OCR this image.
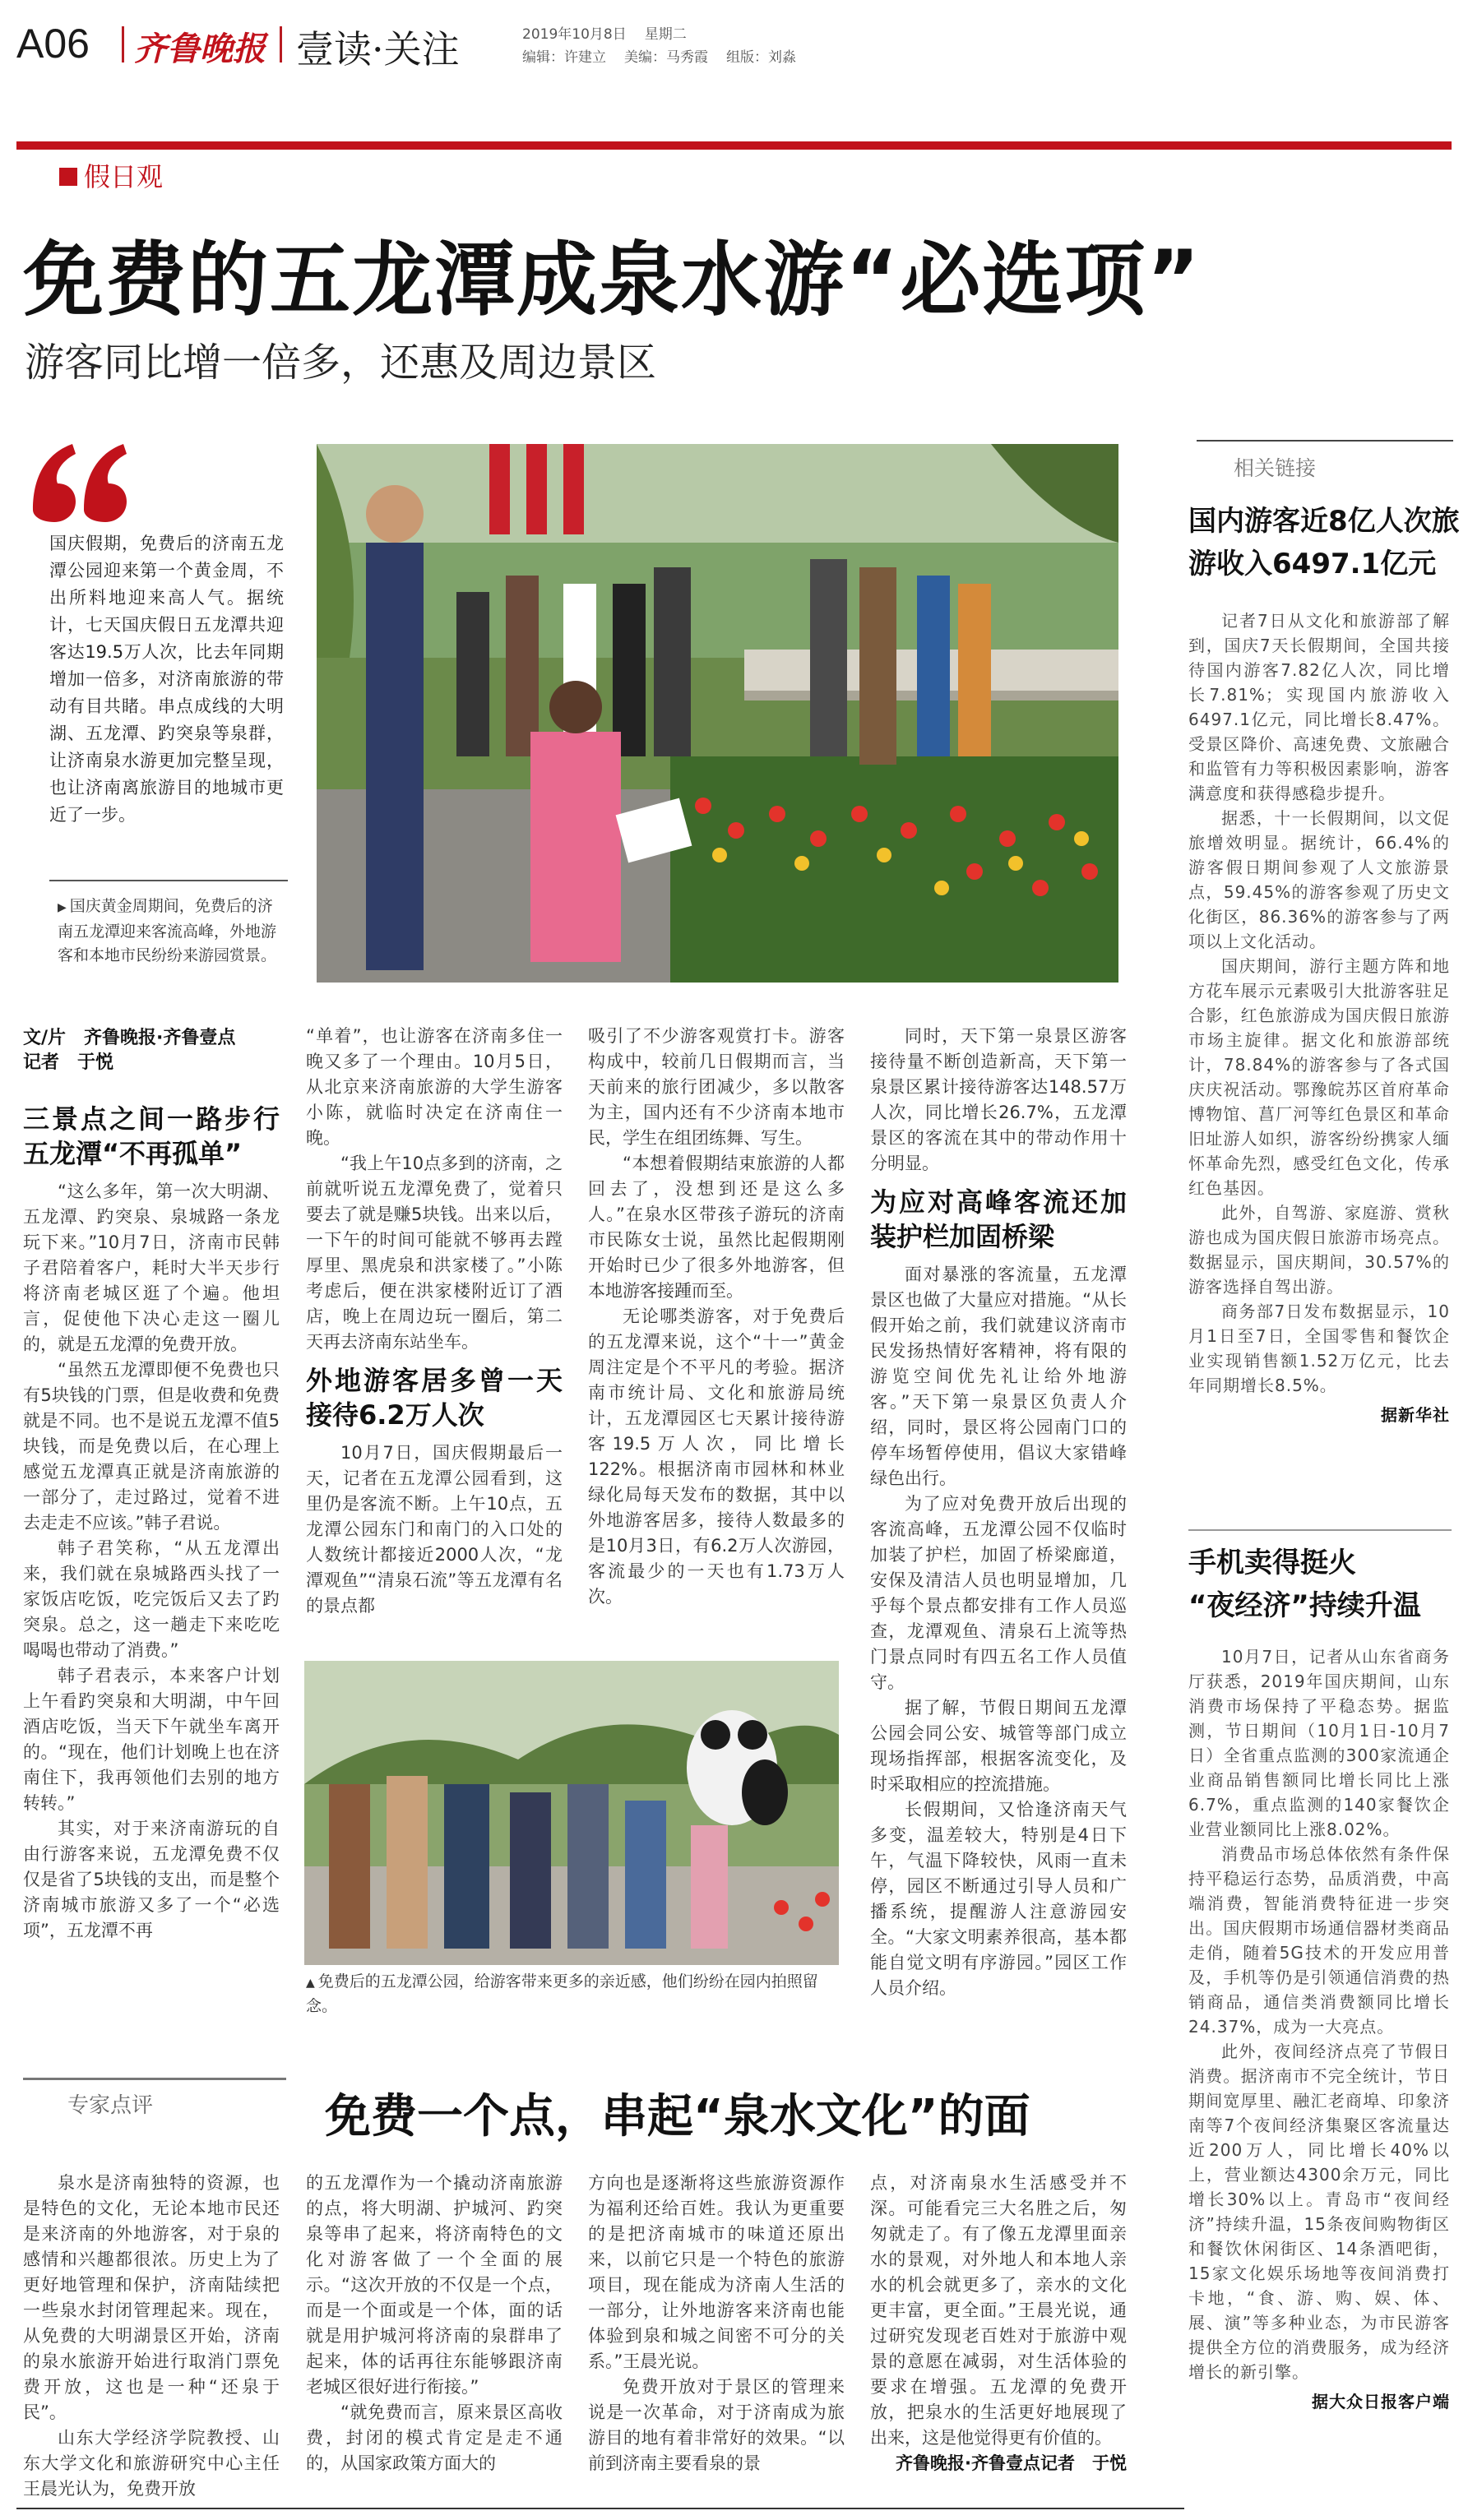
A06 齐鲁晚报 壹读·关注	2019年10月8日 星期二
编辑：许建立 美编：马秀霞 组版：刘淼
假日观
免费的五龙潭成泉水游“必选项”
游客同比增一倍多，还惠及周边景区
国庆假期，免费后的济南五龙潭公园迎来第一个黄金周，不出所料地迎来高人气。据统计，七天国庆假日五龙潭共迎客达19.5万人次，比去年同期增加一倍多，对济南旅游的带动有目共睹。串点成线的大明湖、五龙潭、趵突泉等泉群，让济南泉水游更加完整呈现，也让济南离旅游目的地城市更近了一步。
▶ 国庆黄金周期间，免费后的济南五龙潭迎来客流高峰，外地游客和本地市民纷纷来游园赏景。
文/片　齐鲁晚报·齐鲁壹点
记者　于悦
三景点之间一路步行五龙潭“不再孤单”

“这么多年，第一次大明湖、五龙潭、趵突泉、泉城路一条龙玩下来。”10月7日，济南市民韩子君陪着客户，耗时大半天步行将济南老城区逛了个遍。他坦言，促使他下决心走这一圈儿的，就是五龙潭的免费开放。

“虽然五龙潭即便不免费也只有5块钱的门票，但是收费和免费就是不同。也不是说五龙潭不值5块钱，而是免费以后，在心理上感觉五龙潭真正就是济南旅游的一部分了，走过路过，觉着不进去走走不应该。”韩子君说。

韩子君笑称，“从五龙潭出来，我们就在泉城路西头找了一家饭店吃饭，吃完饭后又去了趵突泉。总之，这一趟走下来吃吃喝喝也带动了消费。”

韩子君表示，本来客户计划上午看趵突泉和大明湖，中午回酒店吃饭，当天下午就坐车离开的。“现在，他们计划晚上也在济南住下，我再领他们去别的地方转转。”

其实，对于来济南游玩的自由行游客来说，五龙潭免费不仅仅是省了5块钱的支出，而是整个济南城市旅游又多了一个“必选项”，五龙潭不再

“单着”，也让游客在济南多住一晚又多了一个理由。10月5日，从北京来济南旅游的大学生游客小陈，就临时决定在济南住一晚。

“我上午10点多到的济南，之前就听说五龙潭免费了，觉着只要去了就是赚5块钱。出来以后，一下午的时间可能就不够再去蹚厚里、黑虎泉和洪家楼了。”小陈考虑后，便在洪家楼附近订了酒店，晚上在周边玩一圈后，第二天再去济南东站坐车。

外地游客居多曾一天接待6.2万人次

10月7日，国庆假期最后一天，记者在五龙潭公园看到，这里仍是客流不断。上午10点，五龙潭公园东门和南门的入口处的人数统计都接近2000人次，“龙潭观鱼”“清泉石流”等五龙潭有名的景点都

吸引了不少游客观赏打卡。游客构成中，较前几日假期而言，当天前来的旅行团减少，多以散客为主，国内还有不少济南本地市民，学生在组团练舞、写生。

“本想着假期结束旅游的人都回去了，没想到还是这么多人。”在泉水区带孩子游玩的济南市民陈女士说，虽然比起假期刚开始时已少了很多外地游客，但本地游客接踵而至。

无论哪类游客，对于免费后的五龙潭来说，这个“十一”黄金周注定是个不平凡的考验。据济南市统计局、文化和旅游局统计，五龙潭园区七天累计接待游客19.5万人次，同比增长122%。根据济南市园林和林业绿化局每天发布的数据，其中以外地游客居多，接待人数最多的是10月3日，有6.2万人次游园，客流最少的一天也有1.73万人次。

同时，天下第一泉景区游客接待量不断创造新高，天下第一泉景区累计接待游客达148.57万人次，同比增长26.7%，五龙潭景区的客流在其中的带动作用十分明显。

为应对高峰客流还加装护栏加固桥梁

面对暴涨的客流量，五龙潭景区也做了大量应对措施。“从长假开始之前，我们就建议济南市民发扬热情好客精神，将有限的游览空间优先礼让给外地游客。”天下第一泉景区负责人介绍，同时，景区将公园南门口的停车场暂停使用，倡议大家错峰绿色出行。

为了应对免费开放后出现的客流高峰，五龙潭公园不仅临时加装了护栏，加固了桥梁廊道，安保及清洁人员也明显增加，几乎每个景点都安排有工作人员巡查，龙潭观鱼、清泉石上流等热门景点同时有四五名工作人员值守。

据了解，节假日期间五龙潭公园会同公安、城管等部门成立现场指挥部，根据客流变化，及时采取相应的控流措施。

长假期间，又恰逢济南天气多变，温差较大，特别是4日下午，气温下降较快，风雨一直未停，园区不断通过引导人员和广播系统，提醒游人注意游园安全。“大家文明素养很高，基本都能自觉文明有序游园。”园区工作人员介绍。

▲ 免费后的五龙潭公园，给游客带来更多的亲近感，他们纷纷在园内拍照留念。
相关链接
国内游客近8亿人次旅游收入6497.1亿元

记者7日从文化和旅游部了解到，国庆7天长假期间，全国共接待国内游客7.82亿人次，同比增长7.81%；实现国内旅游收入6497.1亿元，同比增长8.47%。受景区降价、高速免费、文旅融合和监管有力等积极因素影响，游客满意度和获得感稳步提升。

据悉，十一长假期间，以文促旅增效明显。据统计，66.4%的游客假日期间参观了人文旅游景点，59.45%的游客参观了历史文化街区，86.36%的游客参与了两项以上文化活动。

国庆期间，游行主题方阵和地方花车展示元素吸引大批游客驻足合影，红色旅游成为国庆假日旅游市场主旋律。据文化和旅游部统计，78.84%的游客参与了各式国庆庆祝活动。鄂豫皖苏区首府革命博物馆、菖厂河等红色景区和革命旧址游人如织，游客纷纷携家人缅怀革命先烈，感受红色文化，传承红色基因。

此外，自驾游、家庭游、赏秋游也成为国庆假日旅游市场亮点。数据显示，国庆期间，30.57%的游客选择自驾出游。

商务部7日发布数据显示，10月1日至7日，全国零售和餐饮企业实现销售额1.52万亿元，比去年同期增长8.5%。

据新华社
手机卖得挺火
“夜经济”持续升温

10月7日，记者从山东省商务厅获悉，2019年国庆期间，山东消费市场保持了平稳态势。据监测，节日期间（10月1日-10月7日）全省重点监测的300家流通企业商品销售额同比增长同比上涨6.7%，重点监测的140家餐饮企业营业额同比上涨8.02%。

消费品市场总体依然有条件保持平稳运行态势，品质消费，中高端消费，智能消费特征进一步突出。国庆假期市场通信器材类商品走俏，随着5G技术的开发应用普及，手机等仍是引领通信消费的热销商品，通信类消费额同比增长24.37%，成为一大亮点。

此外，夜间经济点亮了节假日消费。据济南市不完全统计，节日期间宽厚里、融汇老商埠、印象济南等7个夜间经济集聚区客流量达近200万人，同比增长40%以上，营业额达4300余万元，同比增长30%以上。青岛市“夜间经济”持续升温，15条夜间购物街区和餐饮休闲街区、14条酒吧街，15家文化娱乐场地等夜间消费打卡地，“食、游、购、娱、体、展、演”等多种业态，为市民游客提供全方位的消费服务，成为经济增长的新引擎。

据大众日报客户端
专家点评	免费一个点，串起“泉水文化”的面

泉水是济南独特的资源，也是特色的文化，无论本地市民还是来济南的外地游客，对于泉的感情和兴趣都很浓。历史上为了更好地管理和保护，济南陆续把一些泉水封闭管理起来。现在，从免费的大明湖景区开始，济南的泉水旅游开始进行取消门票免费开放，这也是一种“还泉于民”。

山东大学经济学院教授、山东大学文化和旅游研究中心主任王晨光认为，免费开放

的五龙潭作为一个撬动济南旅游的点，将大明湖、护城河、趵突泉等串了起来，将济南特色的文化对游客做了一个全面的展示。“这次开放的不仅是一个点，而是一个面或是一个体，面的话就是用护城河将济南的泉群串了起来，体的话再往东能够跟济南老城区很好进行衔接。”

“就免费而言，原来景区高收费，封闭的模式肯定是走不通的，从国家政策方面大的

方向也是逐渐将这些旅游资源作为福利还给百姓。我认为更重要的是把济南城市的味道还原出来，以前它只是一个特色的旅游项目，现在能成为济南人生活的一部分，让外地游客来济南也能体验到泉和城之间密不可分的关系。”王晨光说。

免费开放对于景区的管理来说是一次革命，对于济南成为旅游目的地有着非常好的效果。“以前到济南主要看泉的景

点，对济南泉水生活感受并不深。可能看完三大名胜之后，匆匆就走了。有了像五龙潭里面亲水的景观，对外地人和本地人亲水的机会就更多了，亲水的文化更丰富，更全面。”王晨光说，通过研究发现老百姓对于旅游中观景的意愿在减弱，对生活体验的要求在增强。五龙潭的免费开放，把泉水的生活更好地展现了出来，这是他觉得更有价值的。

齐鲁晚报·齐鲁壹点记者　于悦
